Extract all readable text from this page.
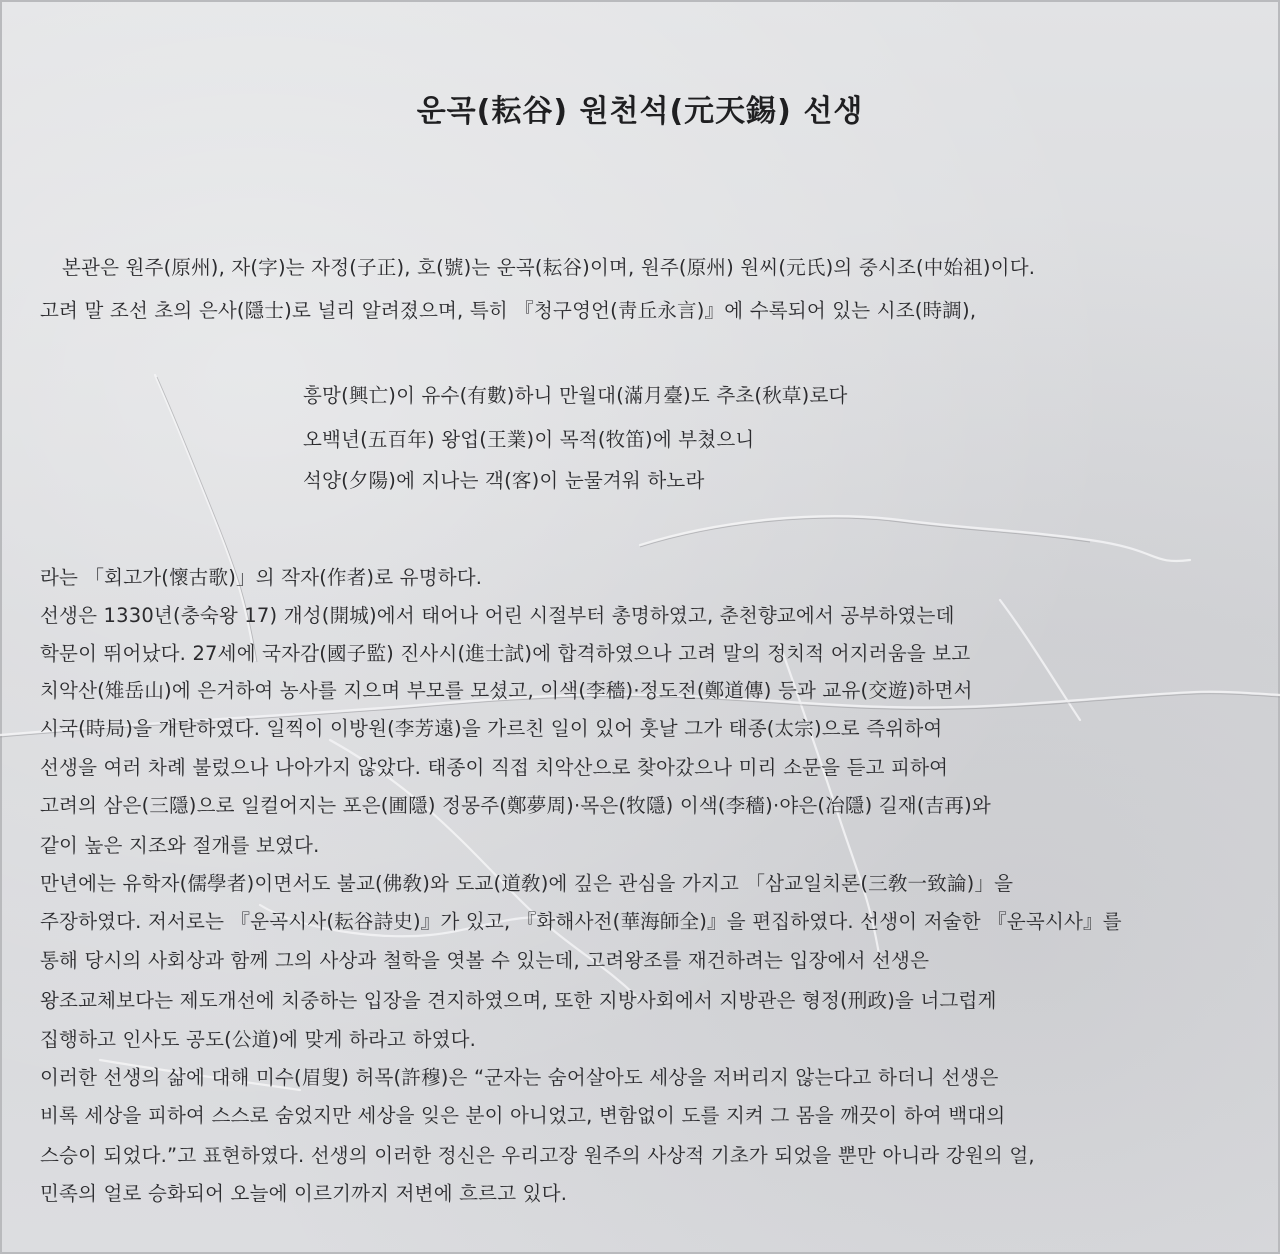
운곡(耘谷) 원천석(元天錫) 선생
본관은 원주(原州), 자(字)는 자정(子正), 호(號)는 운곡(耘谷)이며, 원주(原州) 원씨(元氏)의 중시조(中始祖)이다.
고려 말 조선 초의 은사(隱士)로 널리 알려졌으며, 특히 『청구영언(靑丘永言)』에 수록되어 있는 시조(時調),
흥망(興亡)이 유수(有數)하니 만월대(滿月臺)도 추초(秋草)로다
오백년(五百年) 왕업(王業)이 목적(牧笛)에 부쳤으니
석양(夕陽)에 지나는 객(客)이 눈물겨워 하노라
라는 「회고가(懷古歌)」의 작자(作者)로 유명하다.
선생은 1330년(충숙왕 17) 개성(開城)에서 태어나 어린 시절부터 총명하였고, 춘천향교에서 공부하였는데
학문이 뛰어났다. 27세에 국자감(國子監) 진사시(進士試)에 합격하였으나 고려 말의 정치적 어지러움을 보고
치악산(雉岳山)에 은거하여 농사를 지으며 부모를 모셨고, 이색(李穡)·정도전(鄭道傳) 등과 교유(交遊)하면서
시국(時局)을 개탄하였다. 일찍이 이방원(李芳遠)을 가르친 일이 있어 훗날 그가 태종(太宗)으로 즉위하여
선생을 여러 차례 불렀으나 나아가지 않았다. 태종이 직접 치악산으로 찾아갔으나 미리 소문을 듣고 피하여
고려의 삼은(三隱)으로 일컬어지는 포은(圃隱) 정몽주(鄭夢周)·목은(牧隱) 이색(李穡)·야은(冶隱) 길재(吉再)와
같이 높은 지조와 절개를 보였다.
만년에는 유학자(儒學者)이면서도 불교(佛敎)와 도교(道敎)에 깊은 관심을 가지고 「삼교일치론(三敎一致論)」을
주장하였다. 저서로는 『운곡시사(耘谷詩史)』가 있고, 『화해사전(華海師全)』을 편집하였다. 선생이 저술한 『운곡시사』를
통해 당시의 사회상과 함께 그의 사상과 철학을 엿볼 수 있는데, 고려왕조를 재건하려는 입장에서 선생은
왕조교체보다는 제도개선에 치중하는 입장을 견지하였으며, 또한 지방사회에서 지방관은 형정(刑政)을 너그럽게
집행하고 인사도 공도(公道)에 맞게 하라고 하였다.
이러한 선생의 삶에 대해 미수(眉叟) 허목(許穆)은 “군자는 숨어살아도 세상을 저버리지 않는다고 하더니 선생은
비록 세상을 피하여 스스로 숨었지만 세상을 잊은 분이 아니었고, 변함없이 도를 지켜 그 몸을 깨끗이 하여 백대의
스승이 되었다.”고 표현하였다. 선생의 이러한 정신은 우리고장 원주의 사상적 기초가 되었을 뿐만 아니라 강원의 얼,
민족의 얼로 승화되어 오늘에 이르기까지 저변에 흐르고 있다.
